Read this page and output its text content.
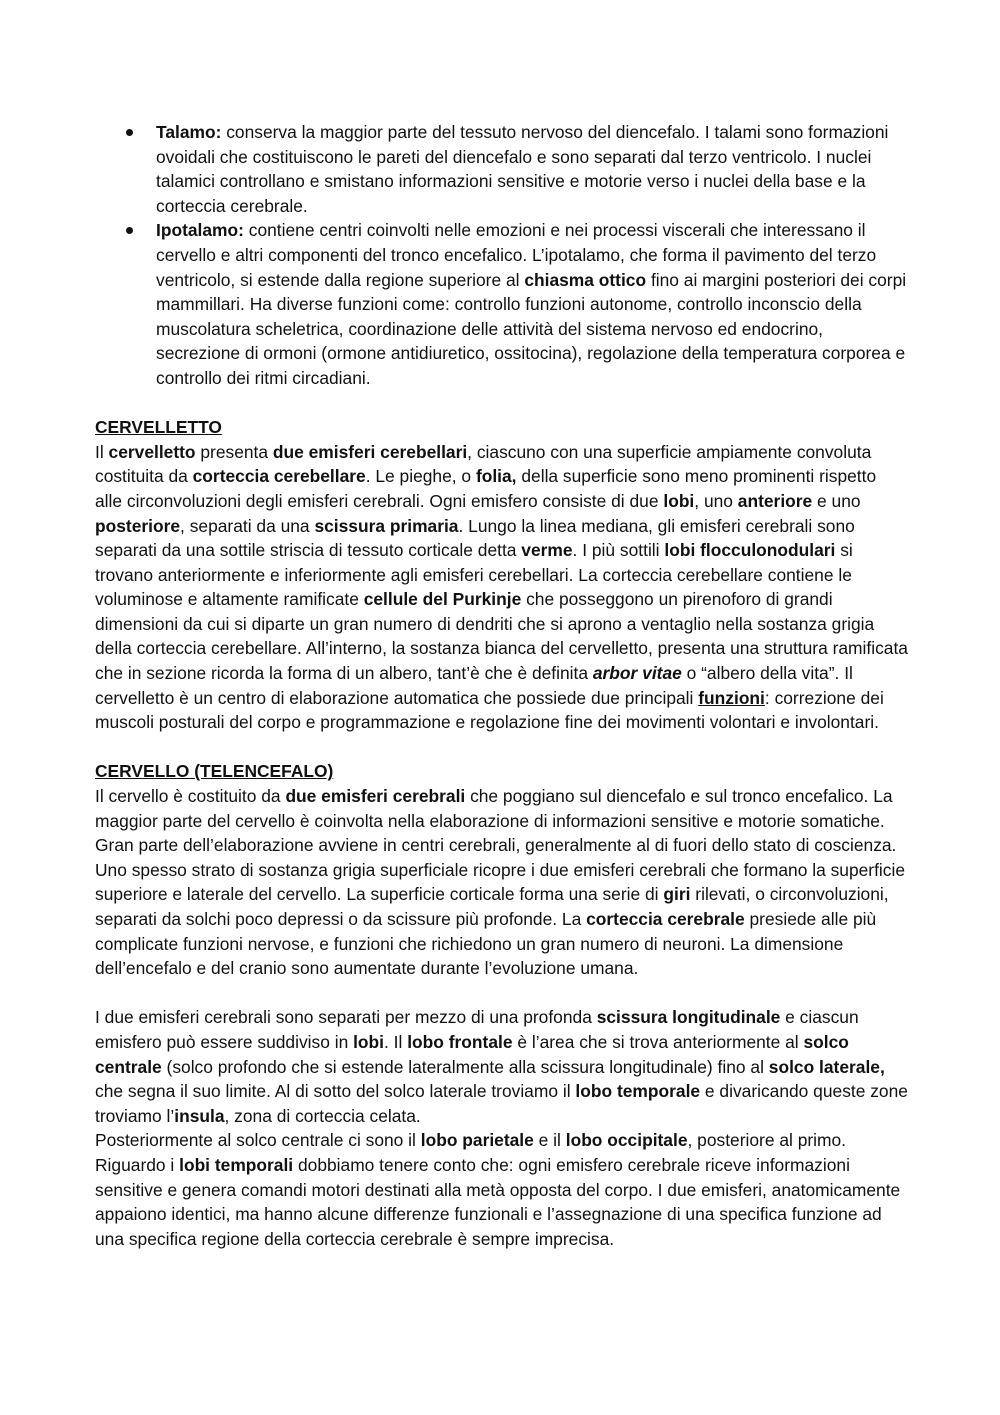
Talamo: conserva la maggior parte del tessuto nervoso del diencefalo. I talami sono formazioni ovoidali che costituiscono le pareti del diencefalo e sono separati dal terzo ventricolo. I nuclei talamici controllano e smistano informazioni sensitive e motorie verso i nuclei della base e la corteccia cerebrale.
Ipotalamo: contiene centri coinvolti nelle emozioni e nei processi viscerali che interessano il cervello e altri componenti del tronco encefalico. L’ipotalamo, che forma il pavimento del terzo ventricolo, si estende dalla regione superiore al chiasma ottico fino ai margini posteriori dei corpi mammillari. Ha diverse funzioni come: controllo funzioni autonome, controllo inconscio della muscolatura scheletrica, coordinazione delle attività del sistema nervoso ed endocrino, secrezione di ormoni (ormone antidiuretico, ossitocina), regolazione della temperatura corporea e controllo dei ritmi circadiani.

CERVELLETTO

Il cervelletto presenta due emisferi cerebellari, ciascuno con una superficie ampiamente convoluta costituita da corteccia cerebellare. Le pieghe, o folia, della superficie sono meno prominenti rispetto alle circonvoluzioni degli emisferi cerebrali. Ogni emisfero consiste di due lobi, uno anteriore e uno posteriore, separati da una scissura primaria. Lungo la linea mediana, gli emisferi cerebrali sono separati da una sottile striscia di tessuto corticale detta verme. I più sottili lobi flocculonodulari si trovano anteriormente e inferiormente agli emisferi cerebellari. La corteccia cerebellare contiene le voluminose e altamente ramificate cellule del Purkinje che posseggono un pirenoforo di grandi dimensioni da cui si diparte un gran numero di dendriti che si aprono a ventaglio nella sostanza grigia della corteccia cerebellare. All’interno, la sostanza bianca del cervelletto, presenta una struttura ramificata che in sezione ricorda la forma di un albero, tant’è che è definita arbor vitae o “albero della vita”. Il cervelletto è un centro di elaborazione automatica che possiede due principali funzioni: correzione dei muscoli posturali del corpo e programmazione e regolazione fine dei movimenti volontari e involontari.

CERVELLO (TELENCEFALO)

Il cervello è costituito da due emisferi cerebrali che poggiano sul diencefalo e sul tronco encefalico. La maggior parte del cervello è coinvolta nella elaborazione di informazioni sensitive e motorie somatiche. Gran parte dell’elaborazione avviene in centri cerebrali, generalmente al di fuori dello stato di coscienza.

Uno spesso strato di sostanza grigia superficiale ricopre i due emisferi cerebrali che formano la superficie superiore e laterale del cervello. La superficie corticale forma una serie di giri rilevati, o circonvoluzioni, separati da solchi poco depressi o da scissure più profonde. La corteccia cerebrale presiede alle più complicate funzioni nervose, e funzioni che richiedono un gran numero di neuroni. La dimensione dell’encefalo e del cranio sono aumentate durante l’evoluzione umana.

I due emisferi cerebrali sono separati per mezzo di una profonda scissura longitudinale e ciascun emisfero può essere suddiviso in lobi. Il lobo frontale è l’area che si trova anteriormente al solco centrale (solco profondo che si estende lateralmente alla scissura longitudinale) fino al solco laterale, che segna il suo limite. Al di sotto del solco laterale troviamo il lobo temporale e divaricando queste zone troviamo l’insula, zona di corteccia celata.

Posteriormente al solco centrale ci sono il lobo parietale e il lobo occipitale, posteriore al primo.

Riguardo i lobi temporali dobbiamo tenere conto che: ogni emisfero cerebrale riceve informazioni sensitive e genera comandi motori destinati alla metà opposta del corpo. I due emisferi, anatomicamente appaiono identici, ma hanno alcune differenze funzionali e l’assegnazione di una specifica funzione ad una specifica regione della corteccia cerebrale è sempre imprecisa.
